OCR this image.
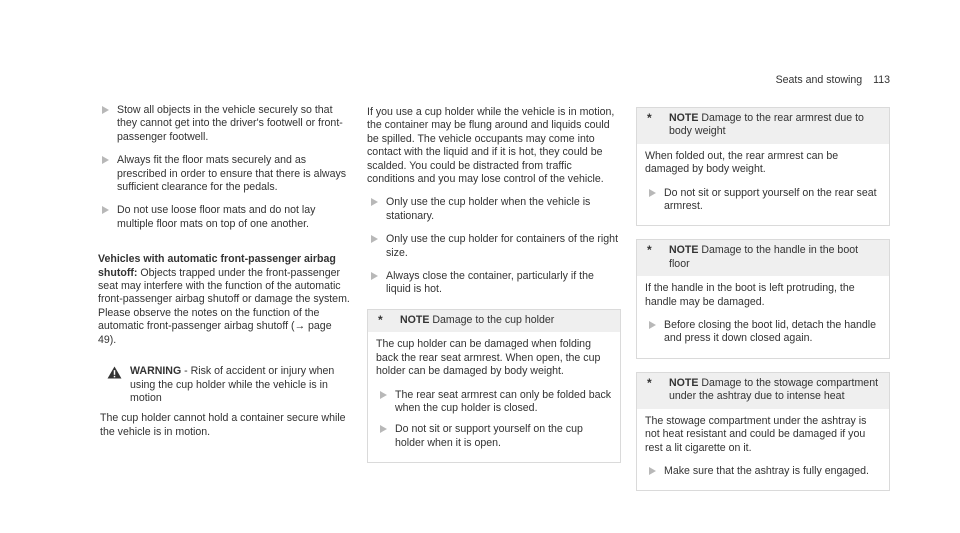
Seats and stowing 113
Stow all objects in the vehicle securely so that they cannot get into the driver's footwell or front-passenger footwell.
Always fit the floor mats securely and as prescribed in order to ensure that there is always sufficient clearance for the pedals.
Do not use loose floor mats and do not lay multiple floor mats on top of one another.

Vehicles with automatic front-passenger airbag shutoff: Objects trapped under the front-passenger seat may interfere with the function of the automatic front-passenger airbag shutoff or damage the system. Please observe the notes on the function of the automatic front-passenger airbag shutoff (→ page 49).

WARNING - Risk of accident or injury when using the cup holder while the vehicle is in motion
The cup holder cannot hold a container secure while the vehicle is in motion.

If you use a cup holder while the vehicle is in motion, the container may be flung around and liquids could be spilled. The vehicle occupants may come into contact with the liquid and if it is hot, they could be scalded. You could be distracted from traffic conditions and you may lose control of the vehicle.

Only use the cup holder when the vehicle is stationary.
Only use the cup holder for containers of the right size.
Always close the container, particularly if the liquid is hot.
* NOTE Damage to the cup holder

The cup holder can be damaged when folding back the rear seat armrest. When open, the cup holder can be damaged by body weight.

The rear seat armrest can only be folded back when the cup holder is closed.
Do not sit or support yourself on the cup holder when it is open.
* NOTE Damage to the rear armrest due to body weight

When folded out, the rear armrest can be damaged by body weight.

Do not sit or support yourself on the rear seat armrest.
* NOTE Damage to the handle in the boot floor

If the handle in the boot is left protruding, the handle may be damaged.

Before closing the boot lid, detach the handle and press it down closed again.
* NOTE Damage to the stowage compartment under the ashtray due to intense heat

The stowage compartment under the ashtray is not heat resistant and could be damaged if you rest a lit cigarette on it.

Make sure that the ashtray is fully engaged.
